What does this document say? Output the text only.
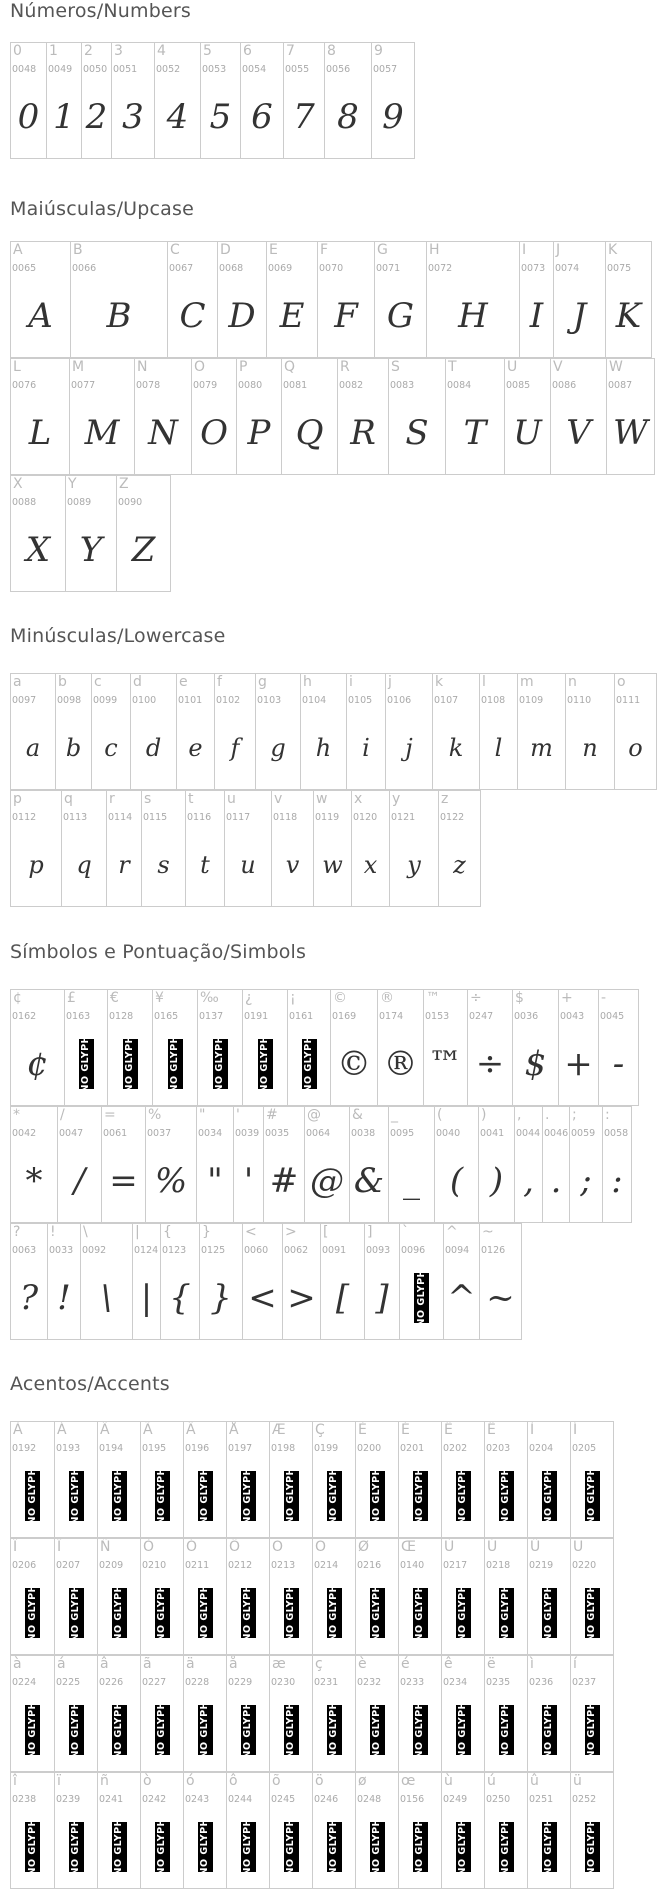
Números/Numbers
0
0048
0
1
0049
1
2
0050
2
3
0051
3
4
0052
4
5
0053
5
6
0054
6
7
0055
7
8
0056
8
9
0057
9
Maiúsculas/Upcase
A
0065
A
B
0066
B
C
0067
C
D
0068
D
E
0069
E
F
0070
F
G
0071
G
H
0072
H
I
0073
I
J
0074
J
K
0075
K
L
0076
L
M
0077
M
N
0078
N
O
0079
O
P
0080
P
Q
0081
Q
R
0082
R
S
0083
S
T
0084
T
U
0085
U
V
0086
V
W
0087
W
X
0088
X
Y
0089
Y
Z
0090
Z
Minúsculas/Lowercase
a
0097
a
b
0098
b
c
0099
c
d
0100
d
e
0101
e
f
0102
f
g
0103
g
h
0104
h
i
0105
i
j
0106
j
k
0107
k
l
0108
l
m
0109
m
n
0110
n
o
0111
o
p
0112
p
q
0113
q
r
0114
r
s
0115
s
t
0116
t
u
0117
u
v
0118
v
w
0119
w
x
0120
x
y
0121
y
z
0122
z
Símbolos e Pontuação/Simbols
¢
0162
¢
£
0163
NO GLYPH
€
0128
NO GLYPH
¥
0165
NO GLYPH
‰
0137
NO GLYPH
¿
0191
NO GLYPH
¡
0161
NO GLYPH
©
0169
©
®
0174
®
™
0153
™
÷
0247
÷
$
0036
$
+
0043
+
-
0045
-
*
0042
*
/
0047
/
=
0061
=
%
0037
%
"
0034
"
'
0039
'
#
0035
#
@
0064
@
&
0038
&
_
0095
_
(
0040
(
)
0041
)
,
0044
,
.
0046
.
;
0059
;
:
0058
:
?
0063
?
!
0033
!
\
0092
\
|
0124
|
{
0123
{
}
0125
}
<
0060
<
>
0062
>
[
0091
[
]
0093
]
`
0096
NO GLYPH
^
0094
^
~
0126
~
Acentos/Accents
À
0192
NO GLYPH
Á
0193
NO GLYPH
Â
0194
NO GLYPH
Ã
0195
NO GLYPH
Ä
0196
NO GLYPH
Å
0197
NO GLYPH
Æ
0198
NO GLYPH
Ç
0199
NO GLYPH
È
0200
NO GLYPH
É
0201
NO GLYPH
Ê
0202
NO GLYPH
Ë
0203
NO GLYPH
Ì
0204
NO GLYPH
Í
0205
NO GLYPH
Î
0206
NO GLYPH
Ï
0207
NO GLYPH
Ñ
0209
NO GLYPH
Ò
0210
NO GLYPH
Ó
0211
NO GLYPH
Ô
0212
NO GLYPH
Õ
0213
NO GLYPH
Ö
0214
NO GLYPH
Ø
0216
NO GLYPH
Œ
0140
NO GLYPH
Ù
0217
NO GLYPH
Ú
0218
NO GLYPH
Û
0219
NO GLYPH
Ü
0220
NO GLYPH
à
0224
NO GLYPH
á
0225
NO GLYPH
â
0226
NO GLYPH
ã
0227
NO GLYPH
ä
0228
NO GLYPH
å
0229
NO GLYPH
æ
0230
NO GLYPH
ç
0231
NO GLYPH
è
0232
NO GLYPH
é
0233
NO GLYPH
ê
0234
NO GLYPH
ë
0235
NO GLYPH
ì
0236
NO GLYPH
í
0237
NO GLYPH
î
0238
NO GLYPH
ï
0239
NO GLYPH
ñ
0241
NO GLYPH
ò
0242
NO GLYPH
ó
0243
NO GLYPH
ô
0244
NO GLYPH
õ
0245
NO GLYPH
ö
0246
NO GLYPH
ø
0248
NO GLYPH
œ
0156
NO GLYPH
ù
0249
NO GLYPH
ú
0250
NO GLYPH
û
0251
NO GLYPH
ü
0252
NO GLYPH
